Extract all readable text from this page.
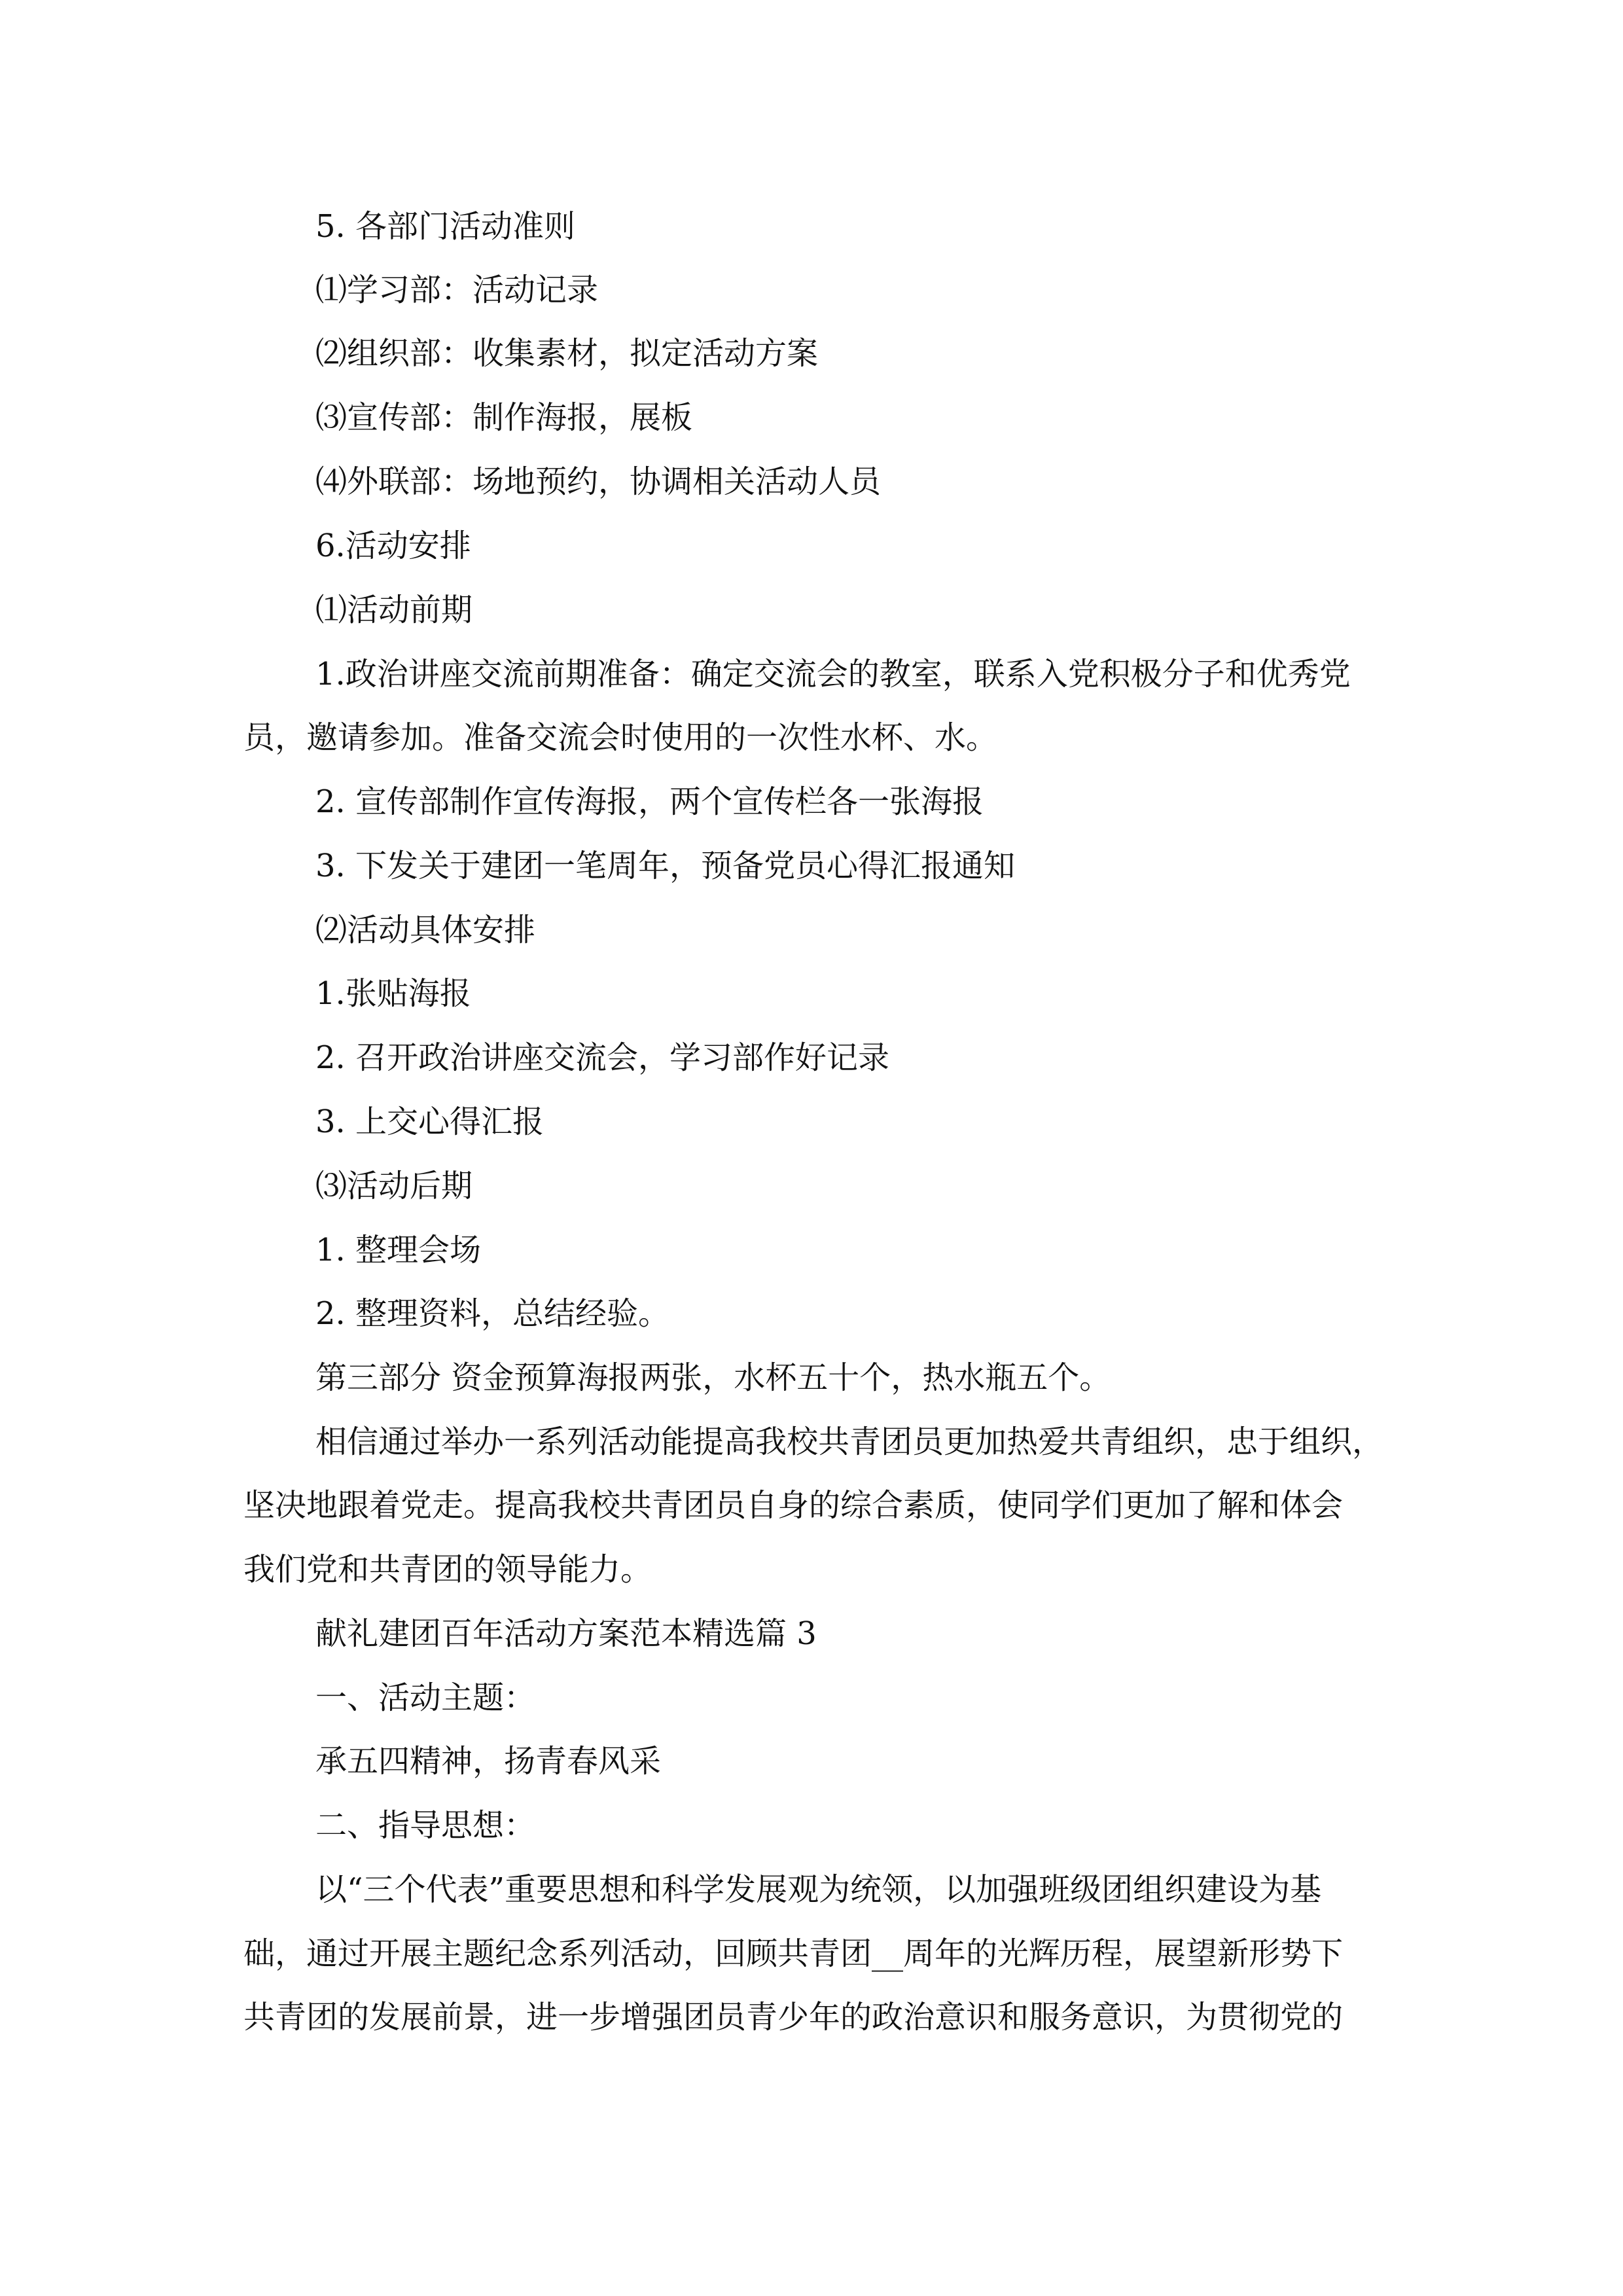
5. 各部门活动准则
⑴学习部：活动记录
⑵组织部：收集素材，拟定活动方案
⑶宣传部：制作海报，展板
⑷外联部：场地预约，协调相关活动人员
6.活动安排
⑴活动前期
1.政治讲座交流前期准备：确定交流会的教室，联系入党积极分子和优秀党
员，邀请参加。准备交流会时使用的一次性水杯、水。
2. 宣传部制作宣传海报，两个宣传栏各一张海报
3. 下发关于建团一笔周年，预备党员心得汇报通知
⑵活动具体安排
1.张贴海报
2. 召开政治讲座交流会，学习部作好记录
3. 上交心得汇报
⑶活动后期
1. 整理会场
2. 整理资料，总结经验。
第三部分 资金预算海报两张，水杯五十个，热水瓶五个。
相信通过举办一系列活动能提高我校共青团员更加热爱共青组织，忠于组织，
坚决地跟着党走。提高我校共青团员自身的综合素质，使同学们更加了解和体会
我们党和共青团的领导能力。
献礼建团百年活动方案范本精选篇 3
一、活动主题：
承五四精神，扬青春风采
二、指导思想：
以“三个代表”重要思想和科学发展观为统领，以加强班级团组织建设为基
础，通过开展主题纪念系列活动，回顾共青团__周年的光辉历程，展望新形势下
共青团的发展前景，进一步增强团员青少年的政治意识和服务意识，为贯彻党的
